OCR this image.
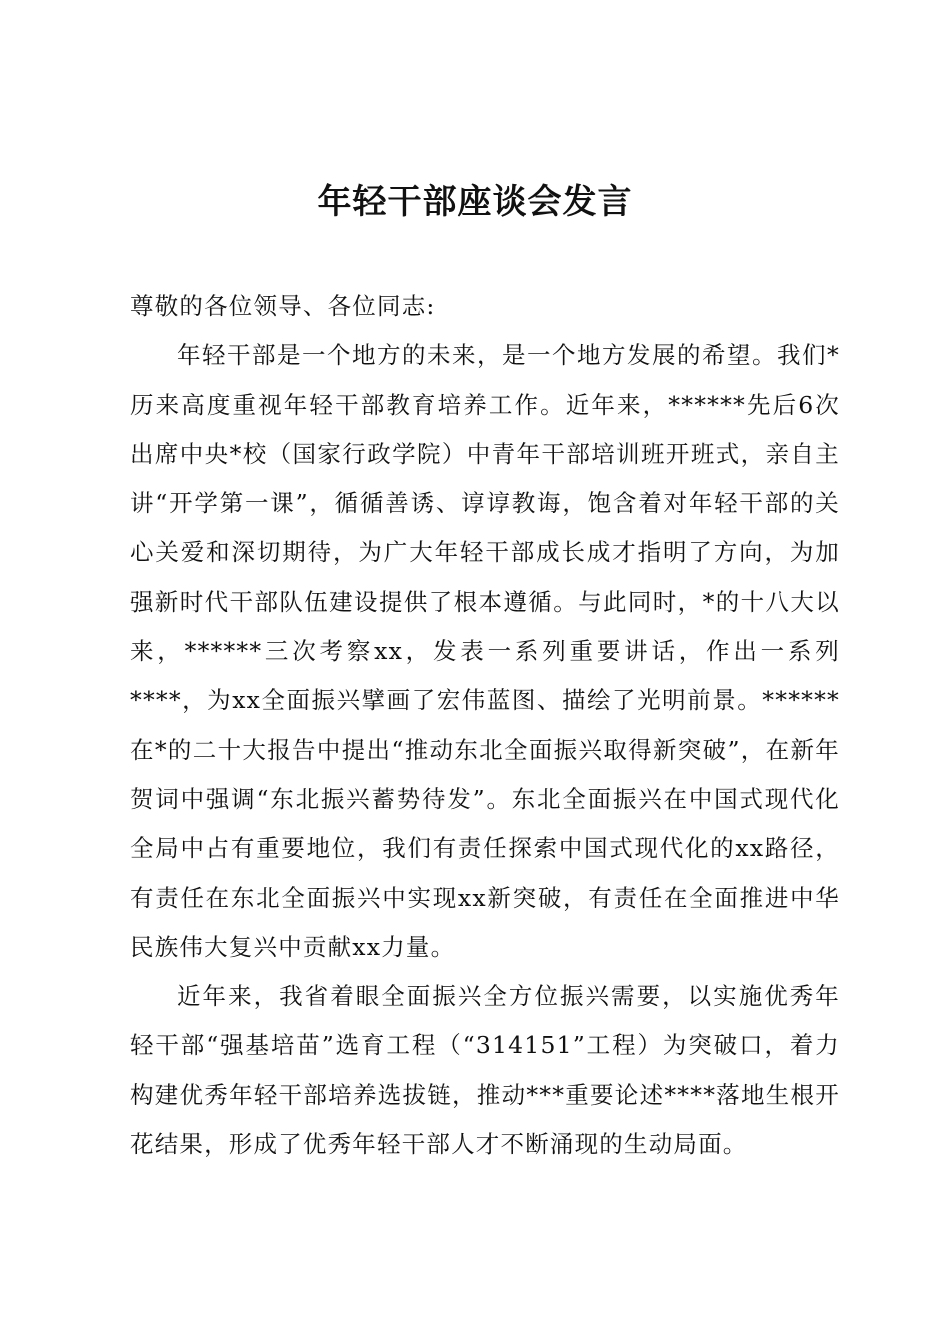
年轻干部座谈会发言

尊敬的各位领导、各位同志:

年轻干部是一个地方的未来，是一个地方发展的希望。我们*历来高度重视年轻干部教育培养工作。近年来，******先后6次出席中央*校（国家行政学院）中青年干部培训班开班式，亲自主讲“开学第一课”，循循善诱、谆谆教诲，饱含着对年轻干部的关心关爱和深切期待，为广大年轻干部成长成才指明了方向，为加强新时代干部队伍建设提供了根本遵循。与此同时，*的十八大以来，******三次考察xx，发表一系列重要讲话，作出一系列****，为xx全面振兴擘画了宏伟蓝图、描绘了光明前景。******在*的二十大报告中提出“推动东北全面振兴取得新突破”，在新年贺词中强调“东北振兴蓄势待发”。东北全面振兴在中国式现代化全局中占有重要地位，我们有责任探索中国式现代化的xx路径，有责任在东北全面振兴中实现xx新突破，有责任在全面推进中华民族伟大复兴中贡献xx力量。

近年来，我省着眼全面振兴全方位振兴需要，以实施优秀年轻干部“强基培苗”选育工程（“314151”工程）为突破口，着力构建优秀年轻干部培养选拔链，推动***重要论述****落地生根开花结果，形成了优秀年轻干部人才不断涌现的生动局面。
